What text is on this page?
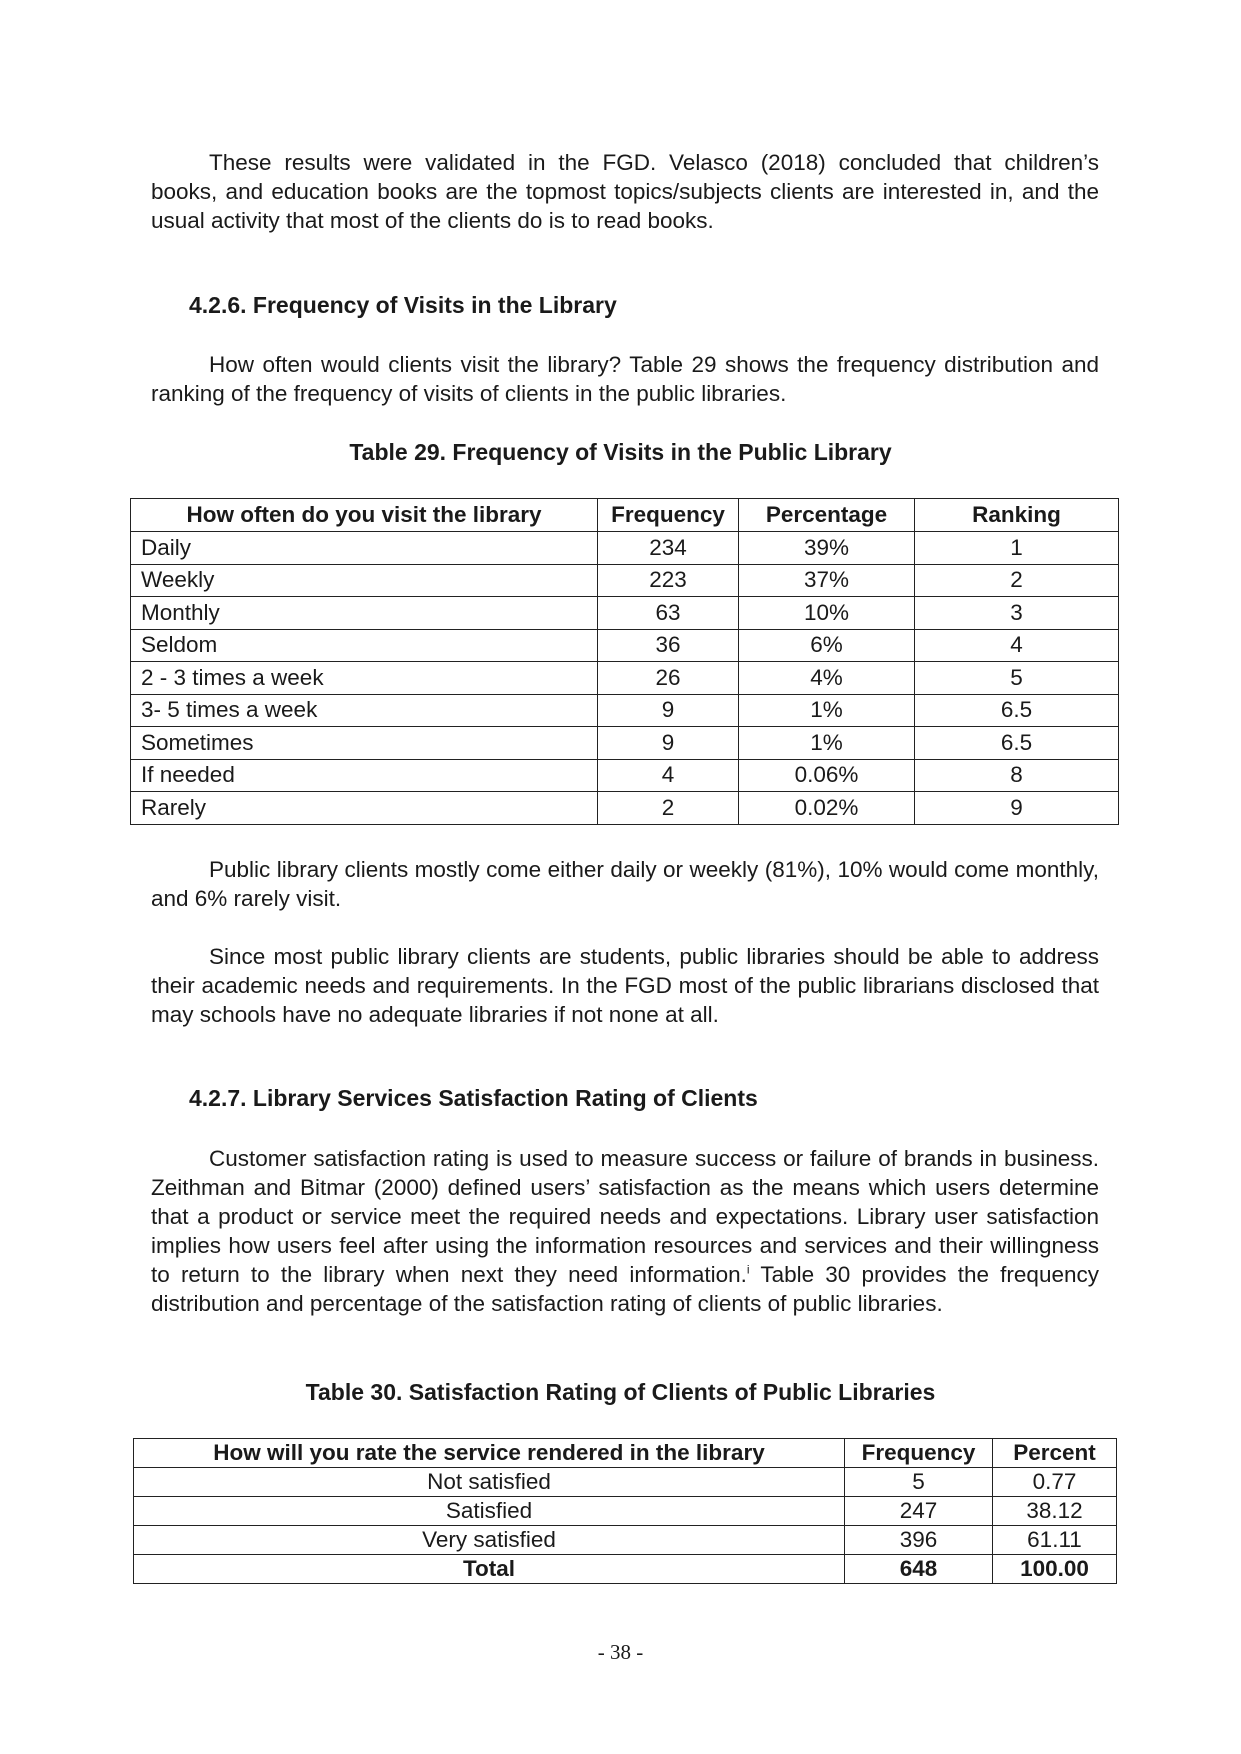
These results were validated in the FGD. Velasco (2018) concluded that children’s books, and education books are the topmost topics/subjects clients are interested in, and the usual activity that most of the clients do is to read books.

4.2.6. Frequency of Visits in the Library

How often would clients visit the library? Table 29 shows the frequency distribution and ranking of the frequency of visits of clients in the public libraries.

Table 29. Frequency of Visits in the Public Library

How often do you visit the library	Frequency	Percentage	Ranking
Daily	234	39%	1
Weekly	223	37%	2
Monthly	63	10%	3
Seldom	36	6%	4
2 - 3 times a week	26	4%	5
3- 5 times a week	9	1%	6.5
Sometimes	9	1%	6.5
If needed	4	0.06%	8
Rarely	2	0.02%	9

Public library clients mostly come either daily or weekly (81%), 10% would come monthly, and 6% rarely visit.

Since most public library clients are students, public libraries should be able to address their academic needs and requirements. In the FGD most of the public librarians disclosed that may schools have no adequate libraries if not none at all.

4.2.7. Library Services Satisfaction Rating of Clients

Customer satisfaction rating is used to measure success or failure of brands in business. Zeithman and Bitmar (2000) defined users’ satisfaction as the means which users determine that a product or service meet the required needs and expectations. Library user satisfaction implies how users feel after using the information resources and services and their willingness to return to the library when next they need information.$^i$ Table 30 provides the frequency distribution and percentage of the satisfaction rating of clients of public libraries.

Table 30. Satisfaction Rating of Clients of Public Libraries

How will you rate the service rendered in the library	Frequency	Percent
Not satisfied	5	0.77
Satisfied	247	38.12
Very satisfied	396	61.11
Total	648	100.00
- 38 -
